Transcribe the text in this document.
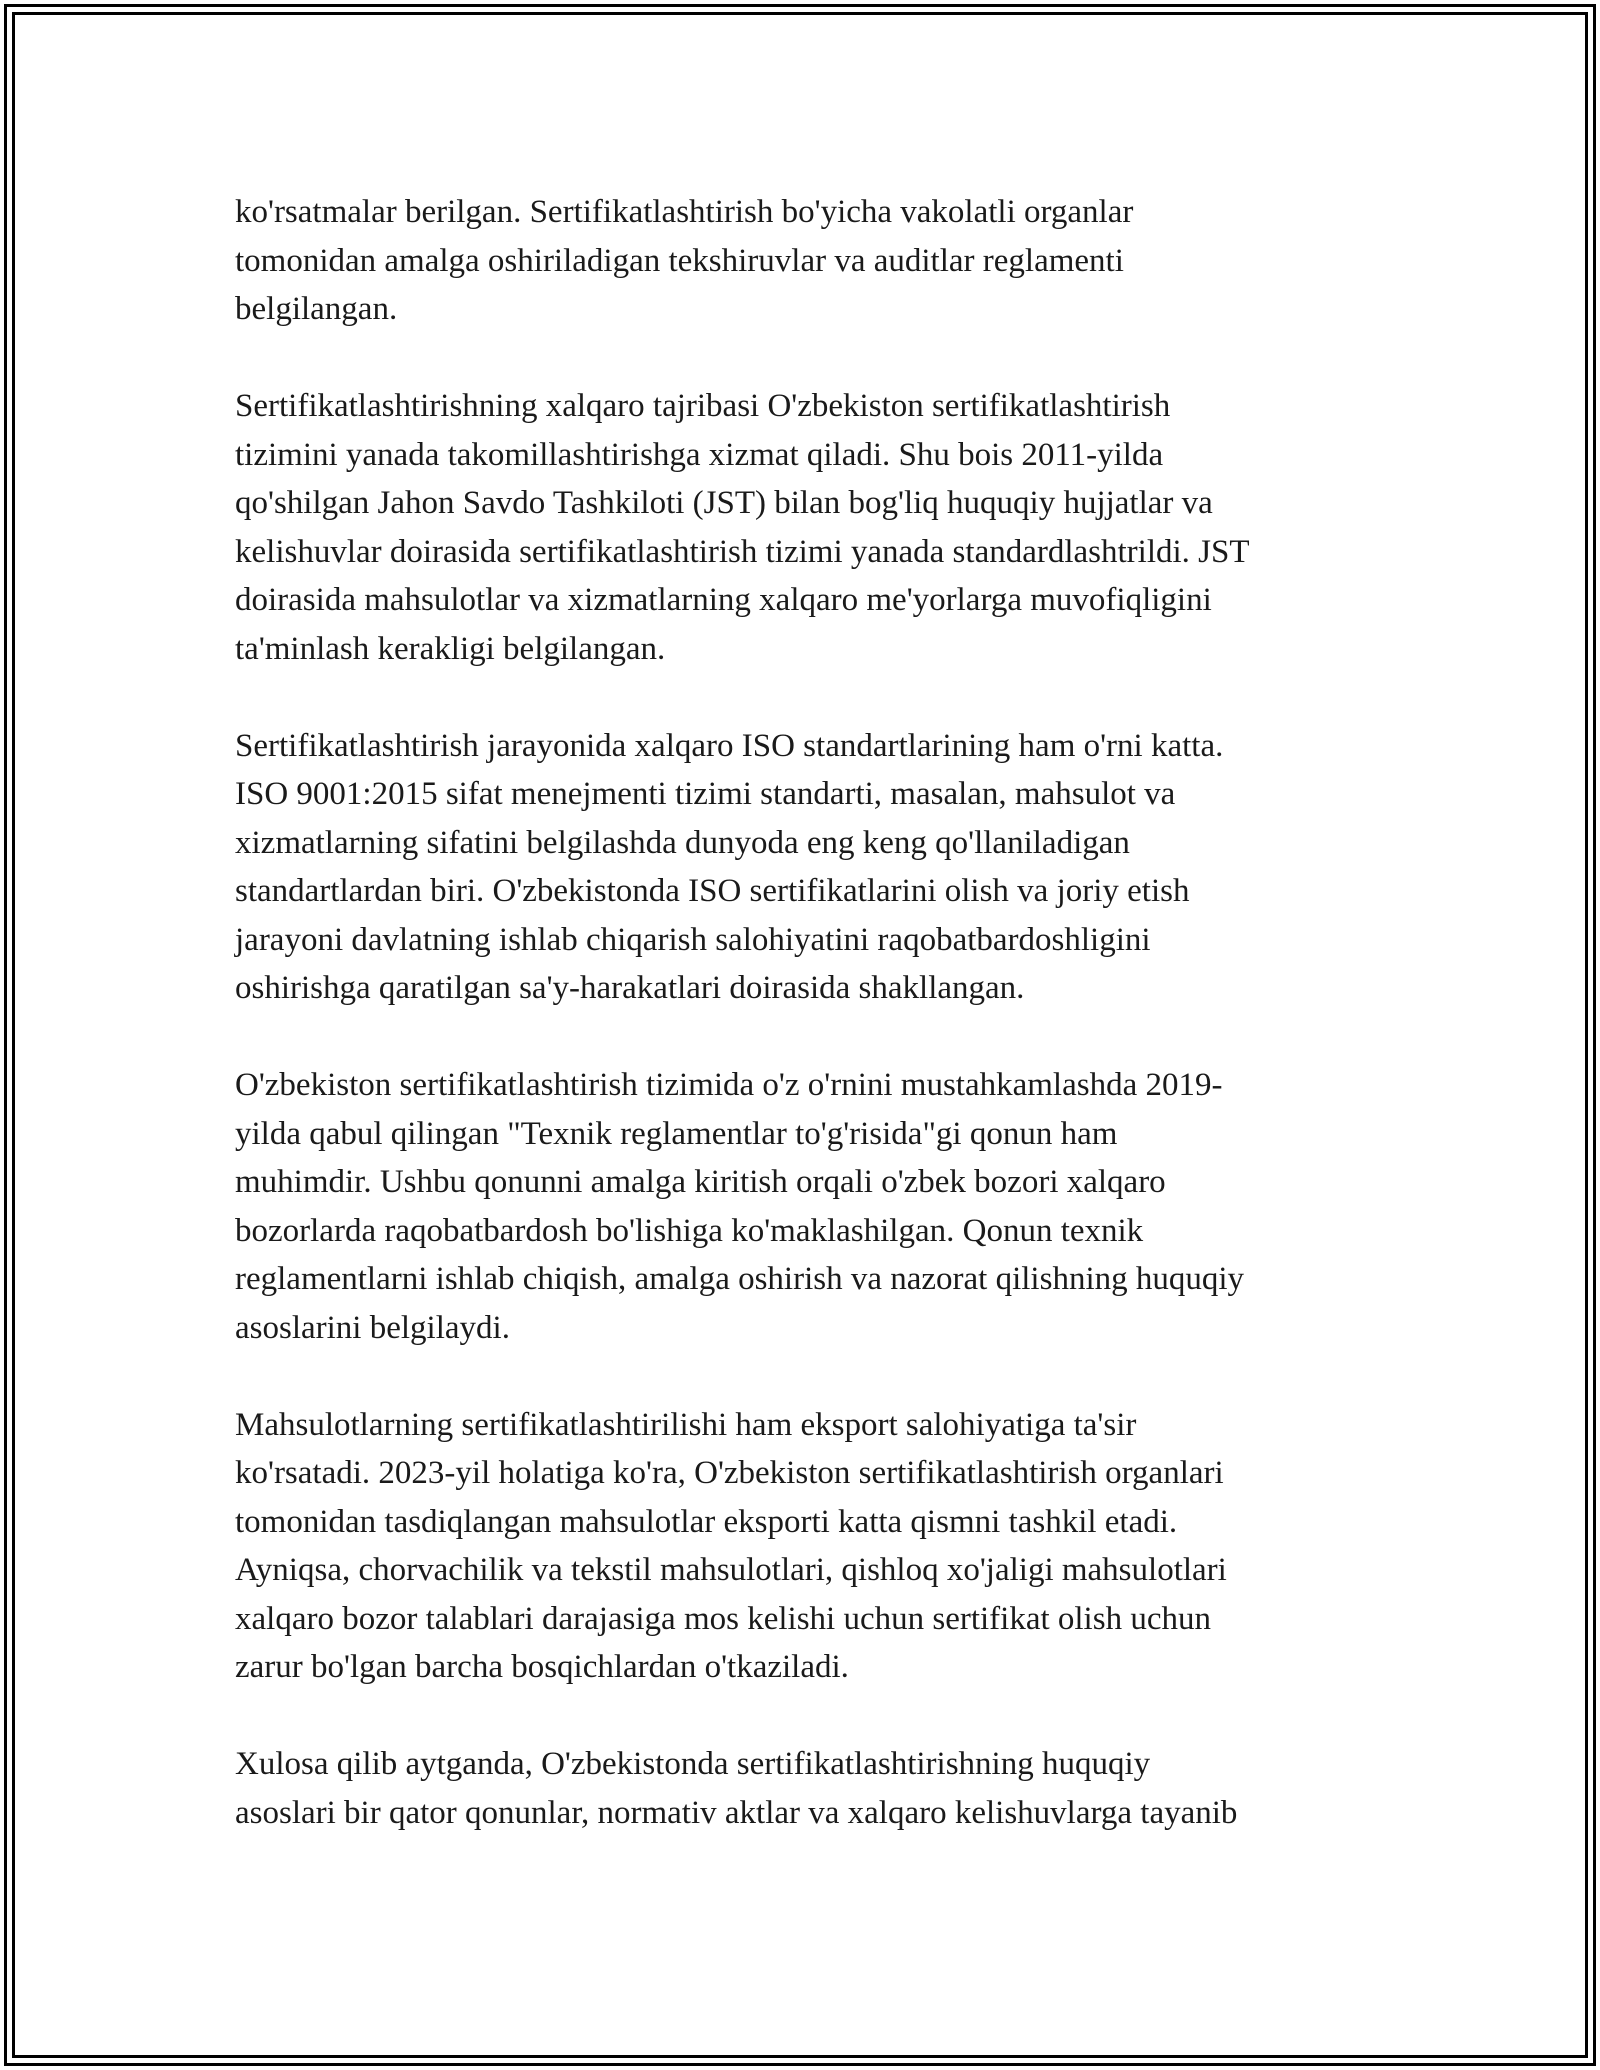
ko'rsatmalar berilgan. Sertifikatlashtirish bo'yicha vakolatli organlar
tomonidan amalga oshiriladigan tekshiruvlar va auditlar reglamenti
belgilangan.

Sertifikatlashtirishning xalqaro tajribasi O'zbekiston sertifikatlashtirish
tizimini yanada takomillashtirishga xizmat qiladi. Shu bois 2011-yilda
qo'shilgan Jahon Savdo Tashkiloti (JST) bilan bog'liq huquqiy hujjatlar va
kelishuvlar doirasida sertifikatlashtirish tizimi yanada standardlashtrildi. JST
doirasida mahsulotlar va xizmatlarning xalqaro me'yorlarga muvofiqligini
ta'minlash kerakligi belgilangan.

Sertifikatlashtirish jarayonida xalqaro ISO standartlarining ham o'rni katta.
ISO 9001:2015 sifat menejmenti tizimi standarti, masalan, mahsulot va
xizmatlarning sifatini belgilashda dunyoda eng keng qo'llaniladigan
standartlardan biri. O'zbekistonda ISO sertifikatlarini olish va joriy etish
jarayoni davlatning ishlab chiqarish salohiyatini raqobatbardoshligini
oshirishga qaratilgan sa'y-harakatlari doirasida shakllangan.

O'zbekiston sertifikatlashtirish tizimida o'z o'rnini mustahkamlashda 2019-
yilda qabul qilingan "Texnik reglamentlar to'g'risida"gi qonun ham
muhimdir. Ushbu qonunni amalga kiritish orqali o'zbek bozori xalqaro
bozorlarda raqobatbardosh bo'lishiga ko'maklashilgan. Qonun texnik
reglamentlarni ishlab chiqish, amalga oshirish va nazorat qilishning huquqiy
asoslarini belgilaydi.

Mahsulotlarning sertifikatlashtirilishi ham eksport salohiyatiga ta'sir
ko'rsatadi. 2023-yil holatiga ko'ra, O'zbekiston sertifikatlashtirish organlari
tomonidan tasdiqlangan mahsulotlar eksporti katta qismni tashkil etadi.
Ayniqsa, chorvachilik va tekstil mahsulotlari, qishloq xo'jaligi mahsulotlari
xalqaro bozor talablari darajasiga mos kelishi uchun sertifikat olish uchun
zarur bo'lgan barcha bosqichlardan o'tkaziladi.

Xulosa qilib aytganda, O'zbekistonda sertifikatlashtirishning huquqiy
asoslari bir qator qonunlar, normativ aktlar va xalqaro kelishuvlarga tayanib
